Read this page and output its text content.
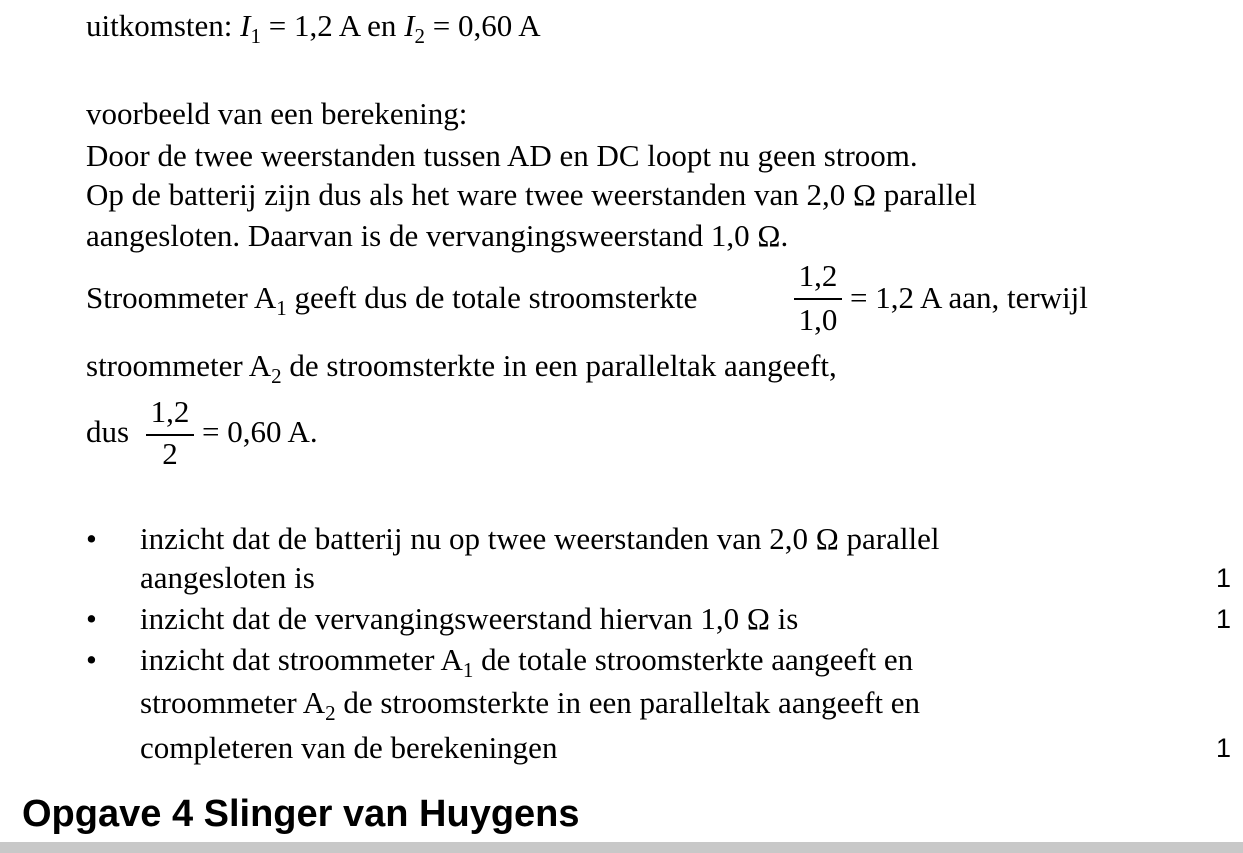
uitkomsten: $I_1 = 1,2$ A en $I_2 = 0,60$ A
voorbeeld van een berekening:
Door de twee weerstanden tussen AD en DC loopt nu geen stroom.
Op de batterij zijn dus als het ware twee weerstanden van 2,0 Ω parallel
aangesloten. Daarvan is de vervangingsweerstand 1,0 Ω.
Stroommeter $A_1$ geeft dus de totale stroomsterkte
1,2
1,0
= 1,2 A aan, terwijl
stroommeter $A_2$ de stroomsterkte in een paralleltak aangeeft,
dus
1,2
2
= 0,60 A.
• inzicht dat de batterij nu op twee weerstanden van 2,0 Ω parallel
aangesloten is	1
• inzicht dat de vervangingsweerstand hiervan 1,0 Ω is	1
• inzicht dat stroommeter $A_1$ de totale stroomsterkte aangeeft en
stroommeter $A_2$ de stroomsterkte in een paralleltak aangeeft en
completeren van de berekeningen	1
Opgave 4 Slinger van Huygens
